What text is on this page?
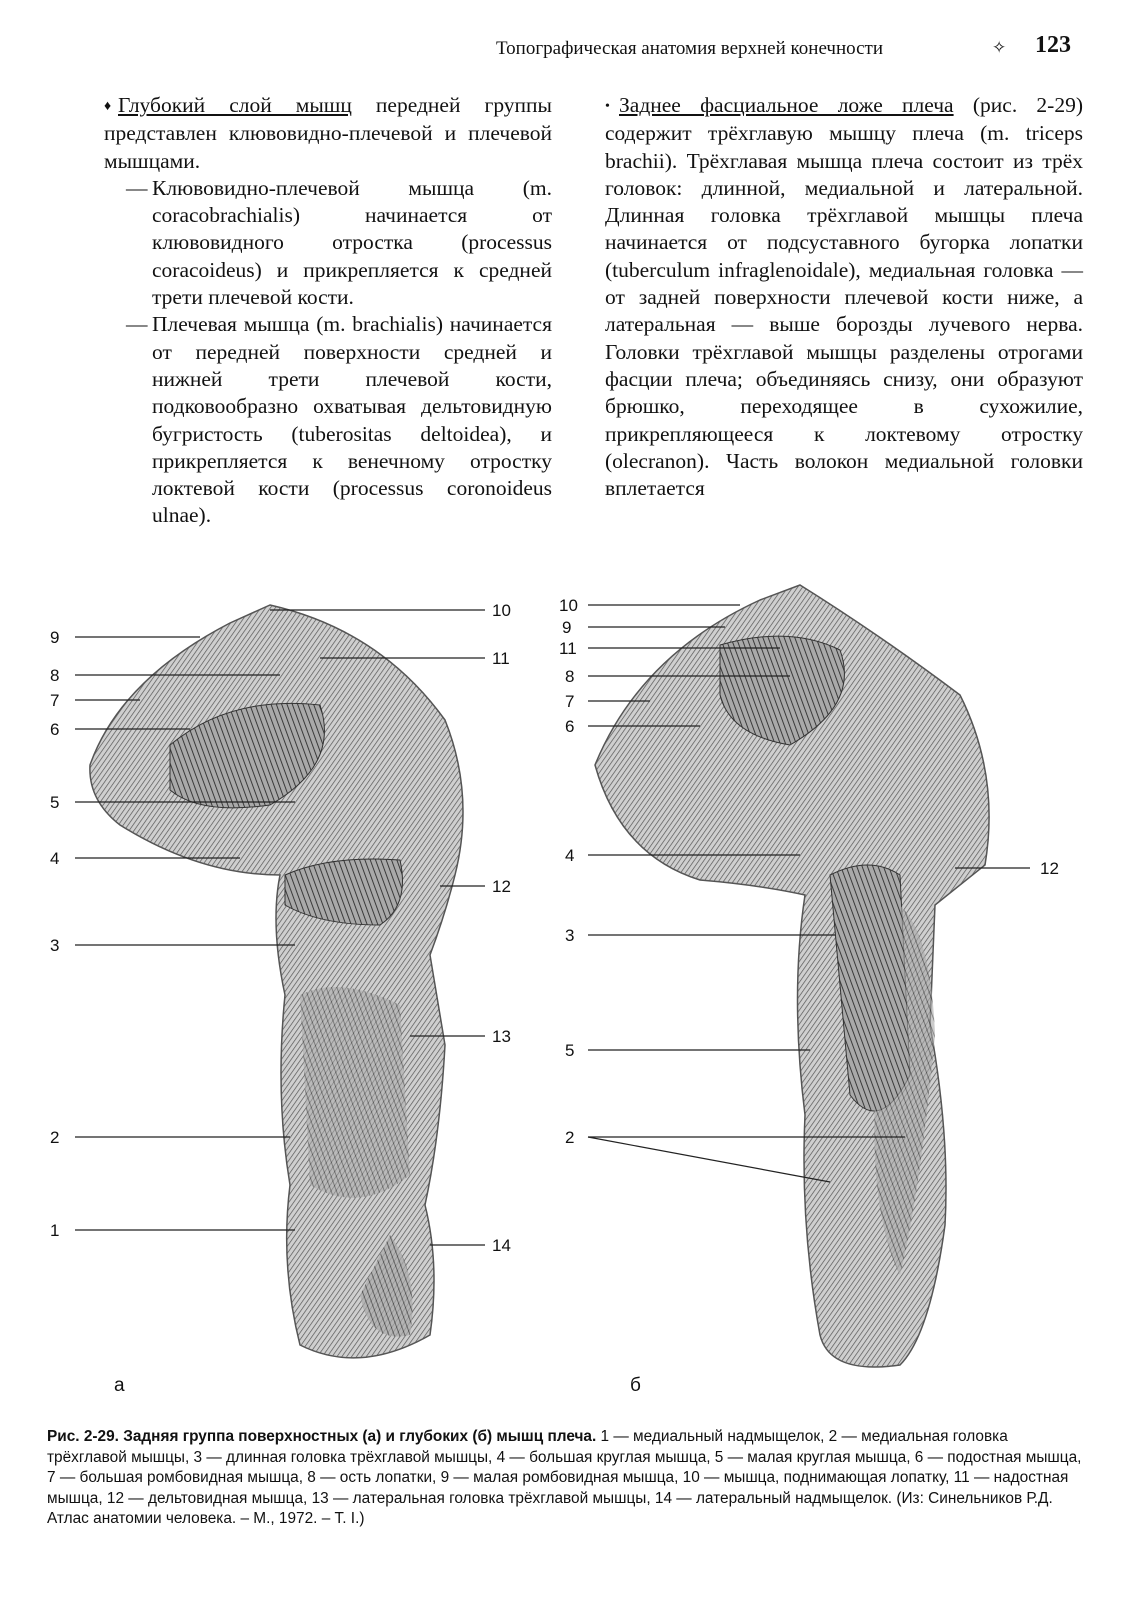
Топографическая анатомия верхней конечности	✧ 123

♦ Глубокий слой мышц передней группы представлен клювовидно-плечевой и плечевой мышцами.

— Клювовидно-плечевой мышца (m. coracobrachialis) начинается от клювовидного отростка (processus coracoideus) и прикрепляется к средней трети плечевой кости.

— Плечевая мышца (m. brachialis) начинается от передней поверхности средней и нижней трети плечевой кости, подковообразно охватывая дельтовидную бугристость (tuberositas deltoidea), и прикрепляется к венечному отростку локтевой кости (processus coronoideus ulnae).

• Заднее фасциальное ложе плеча (рис. 2-29) содержит трёхглавую мышцу плеча (m. triceps brachii). Трёхглавая мышца плеча состоит из трёх головок: длинной, медиальной и латеральной. Длинная головка трёхглавой мышцы плеча начинается от подсуставного бугорка лопатки (tuberculum infraglenoidale), медиальная головка — от задней поверхности плечевой кости ниже, а латеральная — выше борозды лучевого нерва. Головки трёхглавой мышцы разделены отрогами фасции плеча; объединяясь снизу, они образуют брюшко, переходящее в сухожилие, прикрепляющееся к локтевому отростку (olecranon). Часть волокон медиальной головки вплетается

9
8
7
6
5
4
3
2
1
10
11
12
13
14
а
10
9
11
8
7
6
4
3
5
2
12
б
Рис. 2-29. Задняя группа поверхностных (а) и глубоких (б) мышц плеча. 1 — медиальный надмыщелок, 2 — медиальная головка трёхглавой мышцы, 3 — длинная головка трёхглавой мышцы, 4 — большая круглая мышца, 5 — малая круглая мышца, 6 — подостная мышца, 7 — большая ромбовидная мышца, 8 — ость лопатки, 9 — малая ромбовидная мышца, 10 — мышца, поднимающая лопатку, 11 — надостная мышца, 12 — дельтовидная мышца, 13 — латеральная головка трёхглавой мышцы, 14 — латеральный надмыщелок. (Из: Синельников Р.Д. Атлас анатомии человека. – М., 1972. – Т. I.)
